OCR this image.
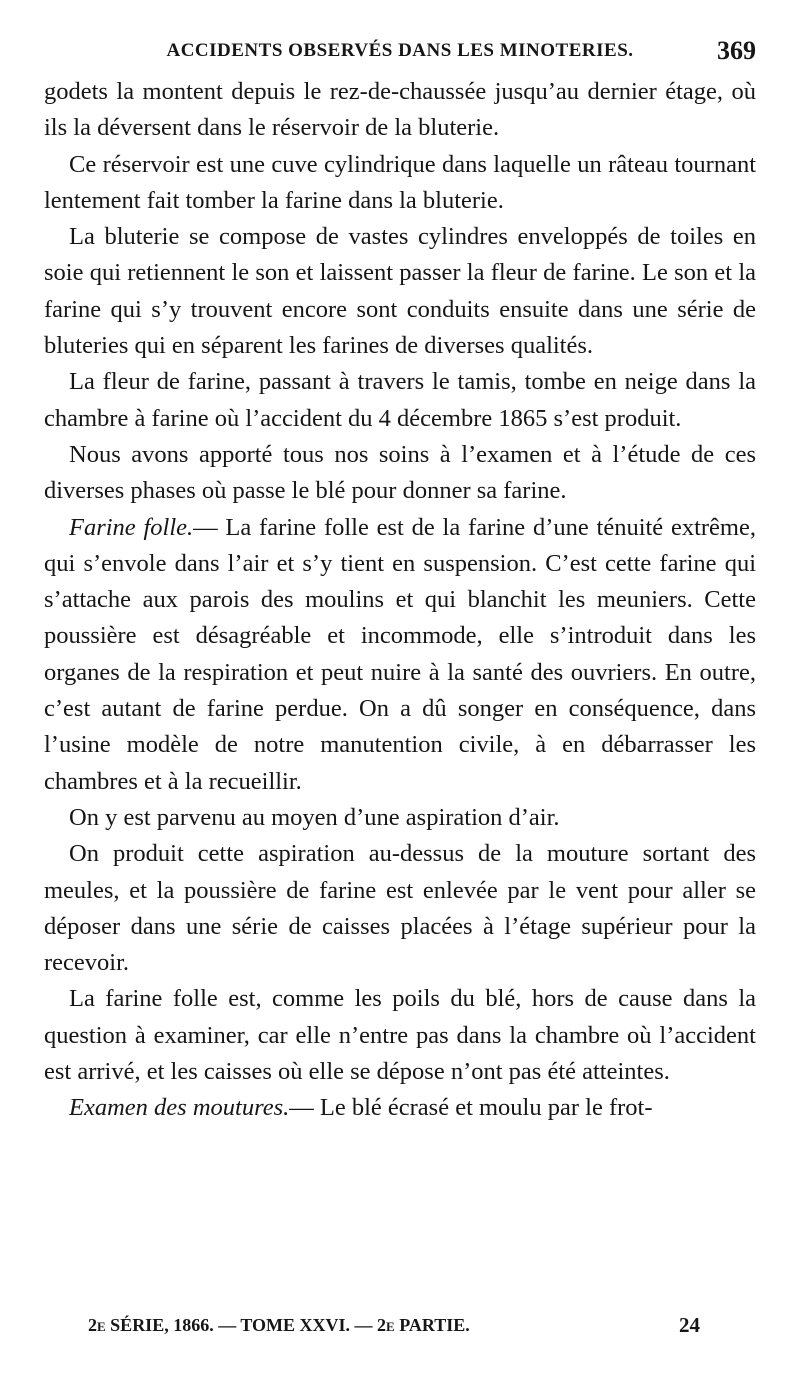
ACCIDENTS OBSERVÉS DANS LES MINOTERIES.	369

godets la montent depuis le rez-de-chaussée jusqu’au dernier étage, où ils la déversent dans le réservoir de la bluterie.

Ce réservoir est une cuve cylindrique dans laquelle un râteau tournant lentement fait tomber la farine dans la bluterie.

La bluterie se compose de vastes cylindres enveloppés de toiles en soie qui retiennent le son et laissent passer la fleur de farine. Le son et la farine qui s’y trouvent encore sont conduits ensuite dans une série de bluteries qui en séparent les farines de diverses qualités.

La fleur de farine, passant à travers le tamis, tombe en neige dans la chambre à farine où l’accident du 4 décembre 1865 s’est produit.

Nous avons apporté tous nos soins à l’examen et à l’étude de ces diverses phases où passe le blé pour donner sa farine.

Farine folle.— La farine folle est de la farine d’une ténuité extrême, qui s’envole dans l’air et s’y tient en suspension. C’est cette farine qui s’attache aux parois des moulins et qui blanchit les meuniers. Cette poussière est désagréable et incommode, elle s’introduit dans les organes de la respiration et peut nuire à la santé des ouvriers. En outre, c’est autant de farine perdue. On a dû songer en conséquence, dans l’usine modèle de notre manutention civile, à en débarrasser les chambres et à la recueillir.

On y est parvenu au moyen d’une aspiration d’air.

On produit cette aspiration au-dessus de la mouture sortant des meules, et la poussière de farine est enlevée par le vent pour aller se déposer dans une série de caisses placées à l’étage supérieur pour la recevoir.

La farine folle est, comme les poils du blé, hors de cause dans la question à examiner, car elle n’entre pas dans la chambre où l’accident est arrivé, et les caisses où elle se dépose n’ont pas été atteintes.

Examen des moutures.— Le blé écrasé et moulu par le frot-

2e SÉRIE, 1866. — TOME XXVI. — 2e PARTIE.	24
